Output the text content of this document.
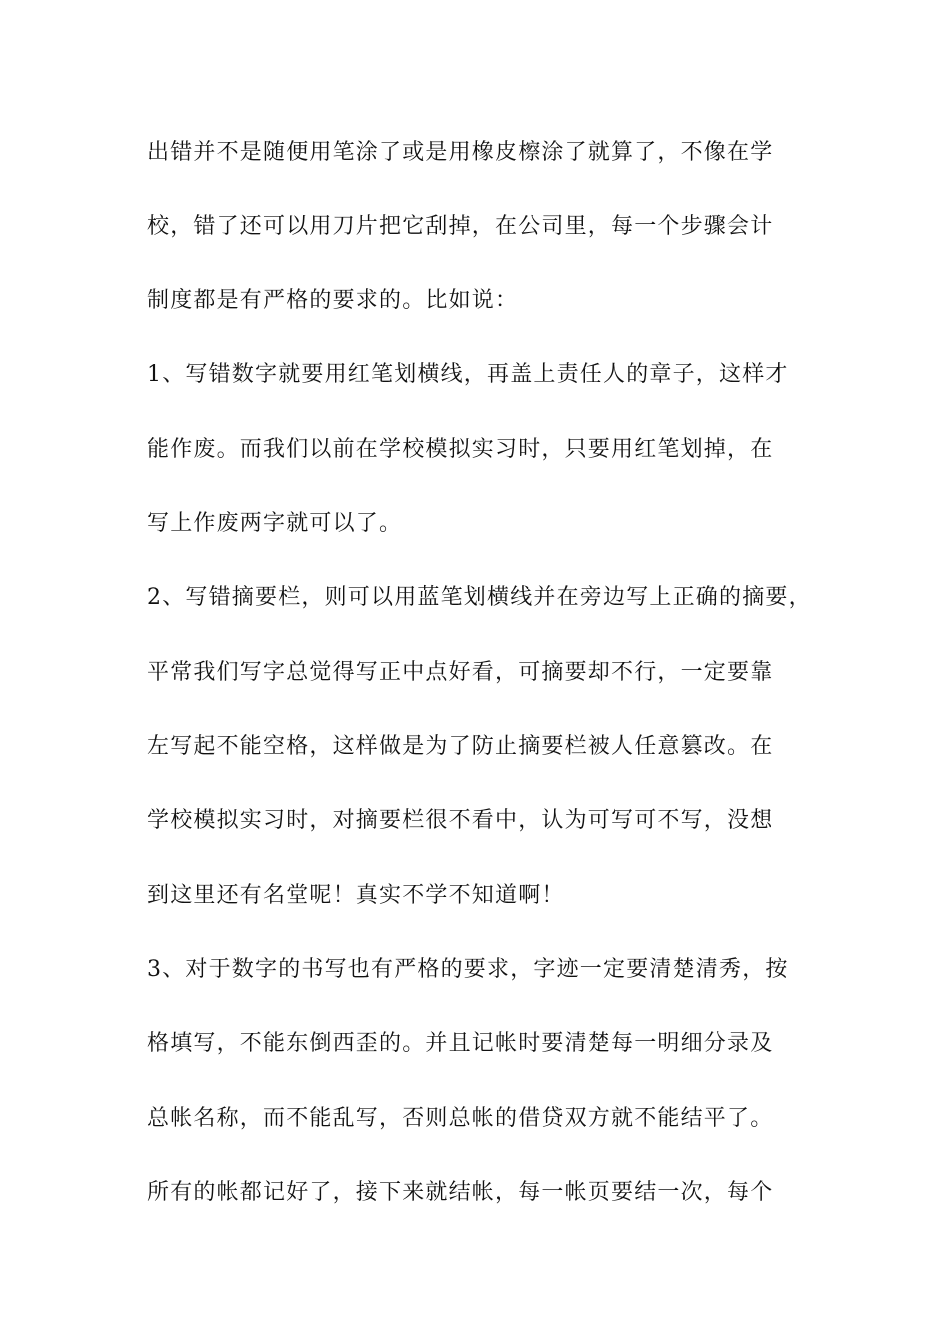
出错并不是随便用笔涂了或是用橡皮檫涂了就算了，不像在学

校，错了还可以用刀片把它刮掉，在公司里，每一个步骤会计

制度都是有严格的要求的。比如说：

1、写错数字就要用红笔划横线，再盖上责任人的章子，这样才

能作废。而我们以前在学校模拟实习时，只要用红笔划掉，在

写上作废两字就可以了。

2、写错摘要栏，则可以用蓝笔划横线并在旁边写上正确的摘要，

平常我们写字总觉得写正中点好看，可摘要却不行，一定要靠

左写起不能空格，这样做是为了防止摘要栏被人任意篡改。在

学校模拟实习时，对摘要栏很不看中，认为可写可不写，没想

到这里还有名堂呢！真实不学不知道啊！

3、对于数字的书写也有严格的要求，字迹一定要清楚清秀，按

格填写，不能东倒西歪的。并且记帐时要清楚每一明细分录及

总帐名称，而不能乱写，否则总帐的借贷双方就不能结平了。

所有的帐都记好了，接下来就结帐，每一帐页要结一次，每个
